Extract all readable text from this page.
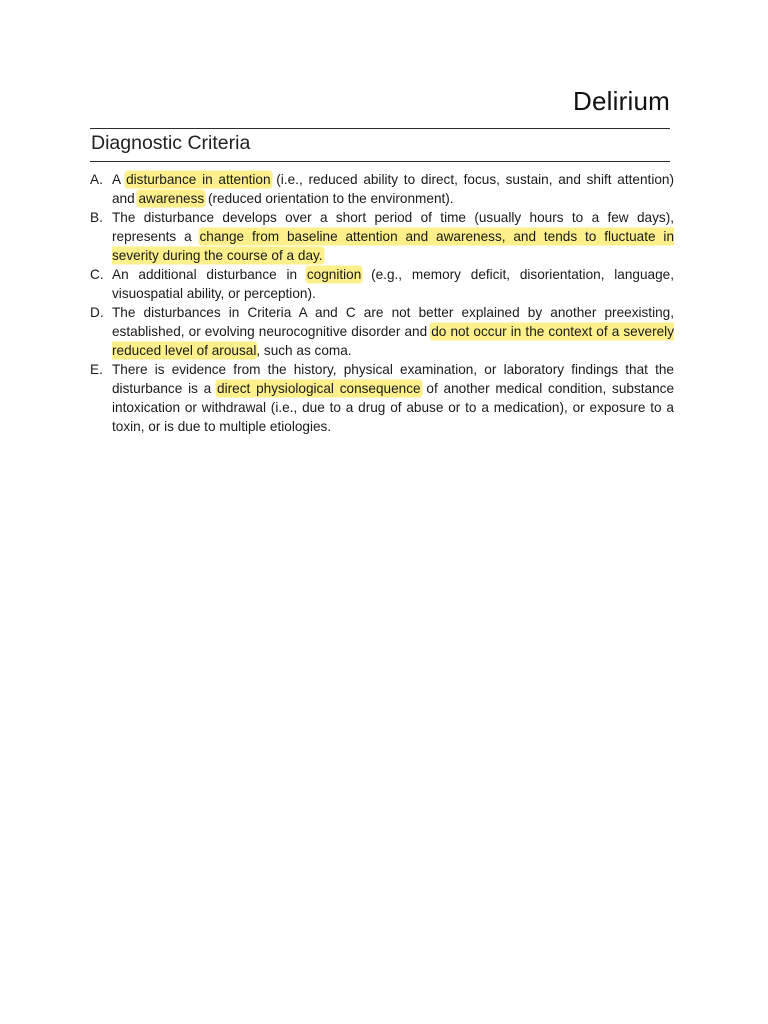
Delirium
Diagnostic Criteria
A. A disturbance in attention (i.e., reduced ability to direct, focus, sustain, and shift attention) and awareness (reduced orientation to the environment).
B. The disturbance develops over a short period of time (usually hours to a few days), represents a change from baseline attention and awareness, and tends to fluctuate in severity during the course of a day.
C. An additional disturbance in cognition (e.g., memory deficit, disorientation, language, visuospatial ability, or perception).
D. The disturbances in Criteria A and C are not better explained by another preexisting, established, or evolving neurocognitive disorder and do not occur in the context of a severely reduced level of arousal, such as coma.
E. There is evidence from the history, physical examination, or laboratory findings that the disturbance is a direct physiological consequence of another medical condition, substance intoxication or withdrawal (i.e., due to a drug of abuse or to a medication), or exposure to a toxin, or is due to multiple etiologies.
